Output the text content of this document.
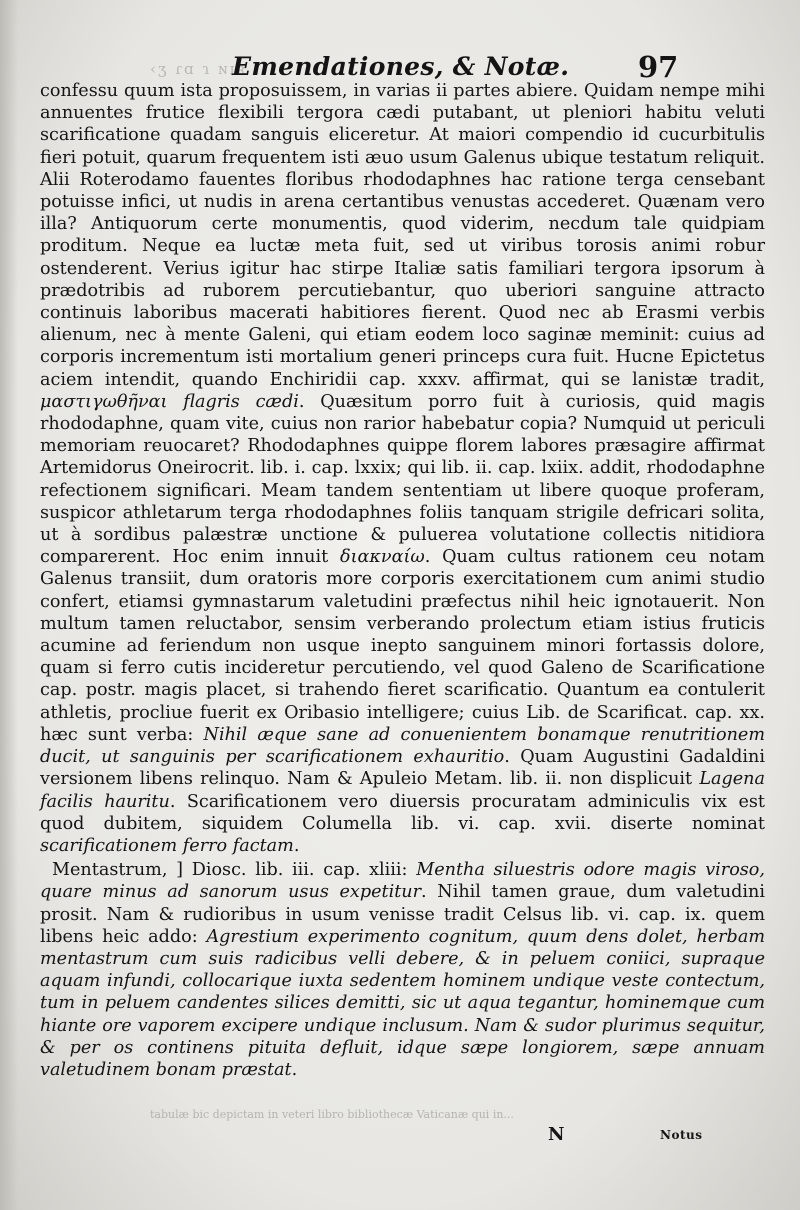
‹ʒ ɾɑ ɿ ɴɪʀ ɪ
Emendationes, & Notæ. 97

confessu quum ista proposuissem, in varias ii partes abiere. Quidam nempe mihi annuentes frutice flexibili tergora cædi putabant, ut pleniori habitu veluti scarificatione quadam sanguis eliceretur. At maiori compendio id cucurbitulis fieri potuit, quarum frequentem isti æuo usum Galenus ubique testatum reliquit. Alii Roterodamo fauentes floribus rhododaphnes hac ratione terga censebant potuisse infici, ut nudis in arena certantibus venustas accederet. Quænam vero illa? Antiquorum certe monumentis, quod viderim, necdum tale quidpiam proditum. Neque ea luctæ meta fuit, sed ut viribus torosis animi robur ostenderent. Verius igitur hac stirpe Italiæ satis familiari tergora ipsorum à prædotribis ad ruborem percutiebantur, quo uberiori sanguine attracto continuis laboribus macerati habitiores fierent. Quod nec ab Erasmi verbis alienum, nec à mente Galeni, qui etiam eodem loco saginæ meminit: cuius ad corporis incrementum isti mortalium generi princeps cura fuit. Hucne Epictetus aciem intendit, quando Enchiridii cap. xxxv. affirmat, qui se lanistæ tradit, μαστιγωθῆναι flagris cædi. Quæsitum porro fuit à curiosis, quid magis rhododaphne, quam vite, cuius non rarior habebatur copia? Numquid ut periculi memoriam reuocaret? Rhododaphnes quippe florem labores præsagire affirmat Artemidorus Oneirocrit. lib. i. cap. lxxix; qui lib. ii. cap. lxiix. addit, rhododaphne refectionem significari. Meam tandem sententiam ut libere quoque proferam, suspicor athletarum terga rhododaphnes foliis tanquam strigile defricari solita, ut à sordibus palæstræ unctione & puluerea volutatione collectis nitidiora comparerent. Hoc enim innuit διακναίω. Quam cultus rationem ceu notam Galenus transiit, dum oratoris more corporis exercitationem cum animi studio confert, etiamsi gymnastarum valetudini præfectus nihil heic ignotauerit. Non multum tamen reluctabor, sensim verberando prolectum etiam istius fruticis acumine ad feriendum non usque inepto sanguinem minori fortassis dolore, quam si ferro cutis incideretur percutiendo, vel quod Galeno de Scarificatione cap. postr. magis placet, si trahendo fieret scarificatio. Quantum ea contulerit athletis, procliue fuerit ex Oribasio intelligere; cuius Lib. de Scarificat. cap. xx. hæc sunt verba: Nihil æque sane ad conuenientem bonamque renutritionem ducit, ut sanguinis per scarificationem exhauritio. Quam Augustini Gadaldini versionem libens relinquo. Nam & Apuleio Metam. lib. ii. non displicuit Lagena facilis hauritu. Scarificationem vero diuersis procuratam adminiculis vix est quod dubitem, siquidem Columella lib. vi. cap. xvii. diserte nominat scarificationem ferro factam.

Mentastrum, ] Diosc. lib. iii. cap. xliii: Mentha siluestris odore magis viroso, quare minus ad sanorum usus expetitur. Nihil tamen graue, dum valetudini prosit. Nam & rudioribus in usum venisse tradit Celsus lib. vi. cap. ix. quem libens heic addo: Agrestium experimento cognitum, quum dens dolet, herbam mentastrum cum suis radicibus velli debere, & in peluem coniici, supraque aquam infundi, collocarique iuxta sedentem hominem undique veste contectum, tum in peluem candentes silices demitti, sic ut aqua tegantur, hominemque cum hiante ore vaporem excipere undique inclusum. Nam & sudor plurimus sequitur, & per os continens pituita defluit, idque sæpe longiorem, sæpe annuam valetudinem bonam præstat.

tabulæ bic depictam in veteri libro bibliothecæ Vaticanæ qui in...
N	Notus
